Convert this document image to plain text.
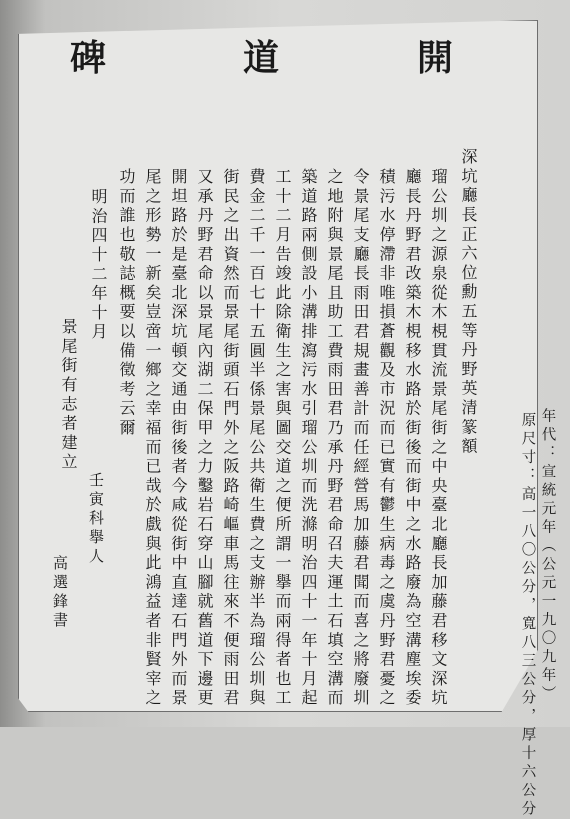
開
道
碑
深坑廳長正六位勳五等丹野英清篆額
瑠公圳之源泉從木梘貫流景尾街之中央臺北廳長加藤君移文深坑
廳長丹野君改築木梘移水路於街後而街中之水路廢為空溝塵埃委
積污水停滯非唯損蒼觀及市況而已實有鬱生病毒之虞丹野君憂之
令景尾支廳長雨田君規畫善計而任經營馬加藤君聞而喜之將廢圳
之地附與景尾且助工費雨田君乃承丹野君命召夫運土石填空溝而
築道路兩側設小溝排瀉污水引瑠公圳而洗滌明治四十一年十月起
工十二月告竣此除衛生之害與圖交道之便所謂一擧而兩得者也工
費金二千一百七十五圓半係景尾公共衛生費之支辦半為瑠公圳與
街民之出資然而景尾街頭石門外之阪路崎嶇車馬往來不便雨田君
又承丹野君命以景尾內湖二保甲之力鑿岩石穿山腳就舊道下邊更
開坦路於是臺北深坑頓交通由街後者今咸從街中直達石門外而景
尾之形勢一新矣豈啻一鄉之幸福而已哉於戲與此鴻益者非賢宰之
功而誰也敬誌概要以備徵考云爾
明治四十二年十月
景尾街有志者建立
壬寅科擧人
高選鋒書	年代：宣統元年（公元一九〇九年）
原尺寸：高一八〇公分，寬八三公分，厚十六公分
